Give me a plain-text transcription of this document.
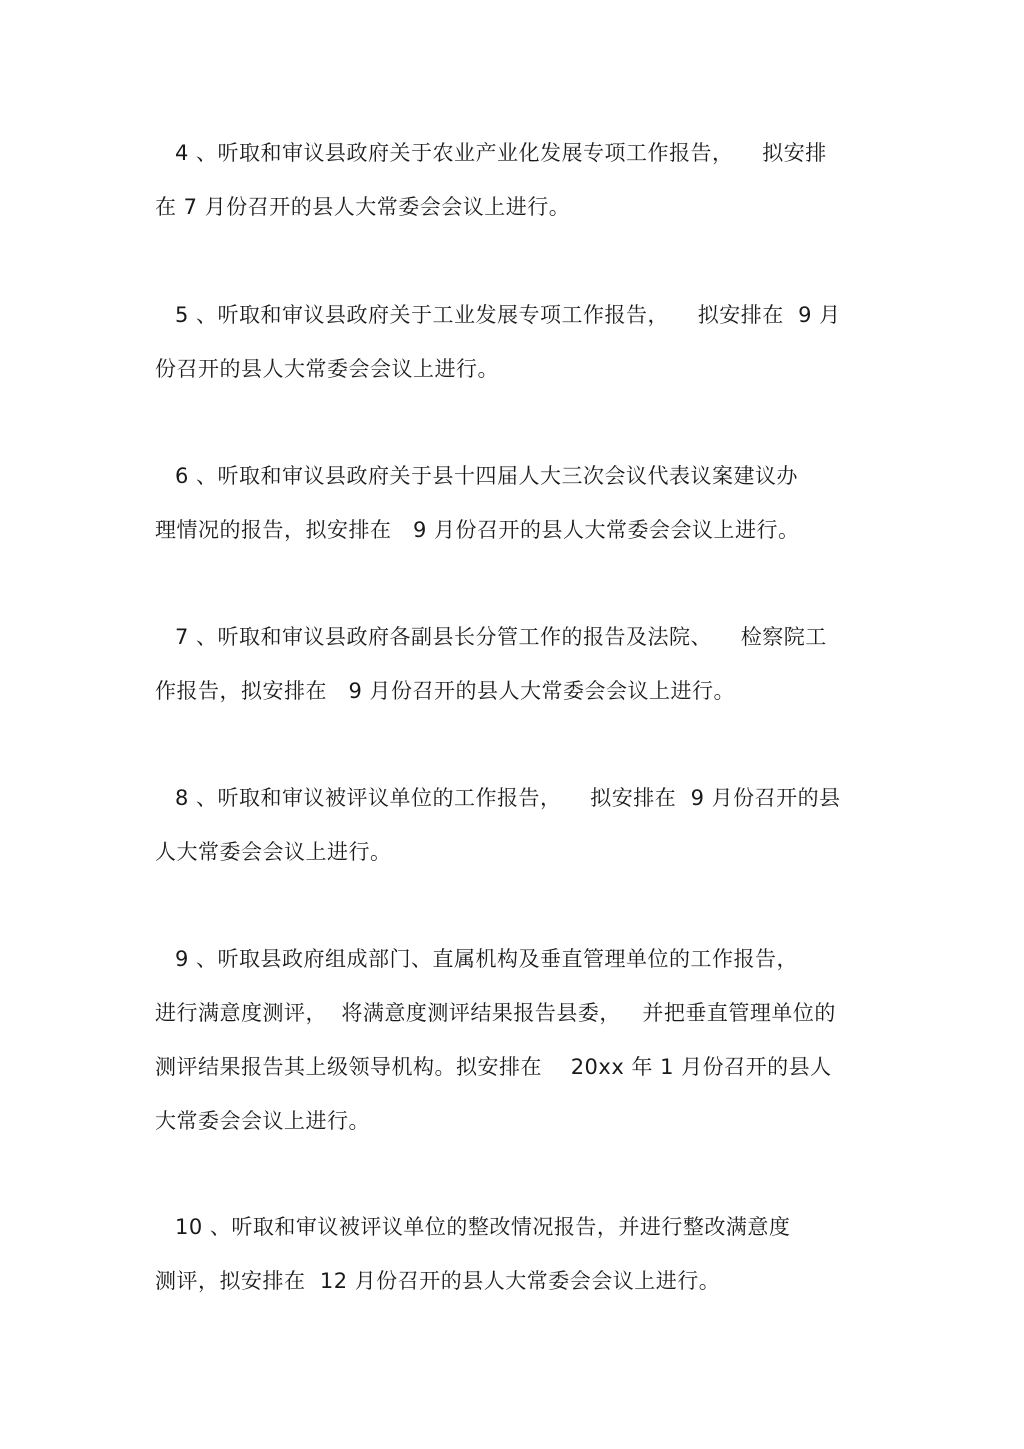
4 、听取和审议县政府关于农业产业化发展专项工作报告，    拟安排
在 7 月份召开的县人大常委会会议上进行。
5 、听取和审议县政府关于工业发展专项工作报告，    拟安排在  9 月
份召开的县人大常委会会议上进行。
6 、听取和审议县政府关于县十四届人大三次会议代表议案建议办
理情况的报告，拟安排在   9 月份召开的县人大常委会会议上进行。
7 、听取和审议县政府各副县长分管工作的报告及法院、    检察院工
作报告，拟安排在   9 月份召开的县人大常委会会议上进行。
8 、听取和审议被评议单位的工作报告，    拟安排在  9 月份召开的县
人大常委会会议上进行。
9 、听取县政府组成部门、直属机构及垂直管理单位的工作报告，
进行满意度测评，  将满意度测评结果报告县委，   并把垂直管理单位的
测评结果报告其上级领导机构。拟安排在    20xx 年 1 月份召开的县人
大常委会会议上进行。
10 、听取和审议被评议单位的整改情况报告，并进行整改满意度
测评，拟安排在  12 月份召开的县人大常委会会议上进行。
